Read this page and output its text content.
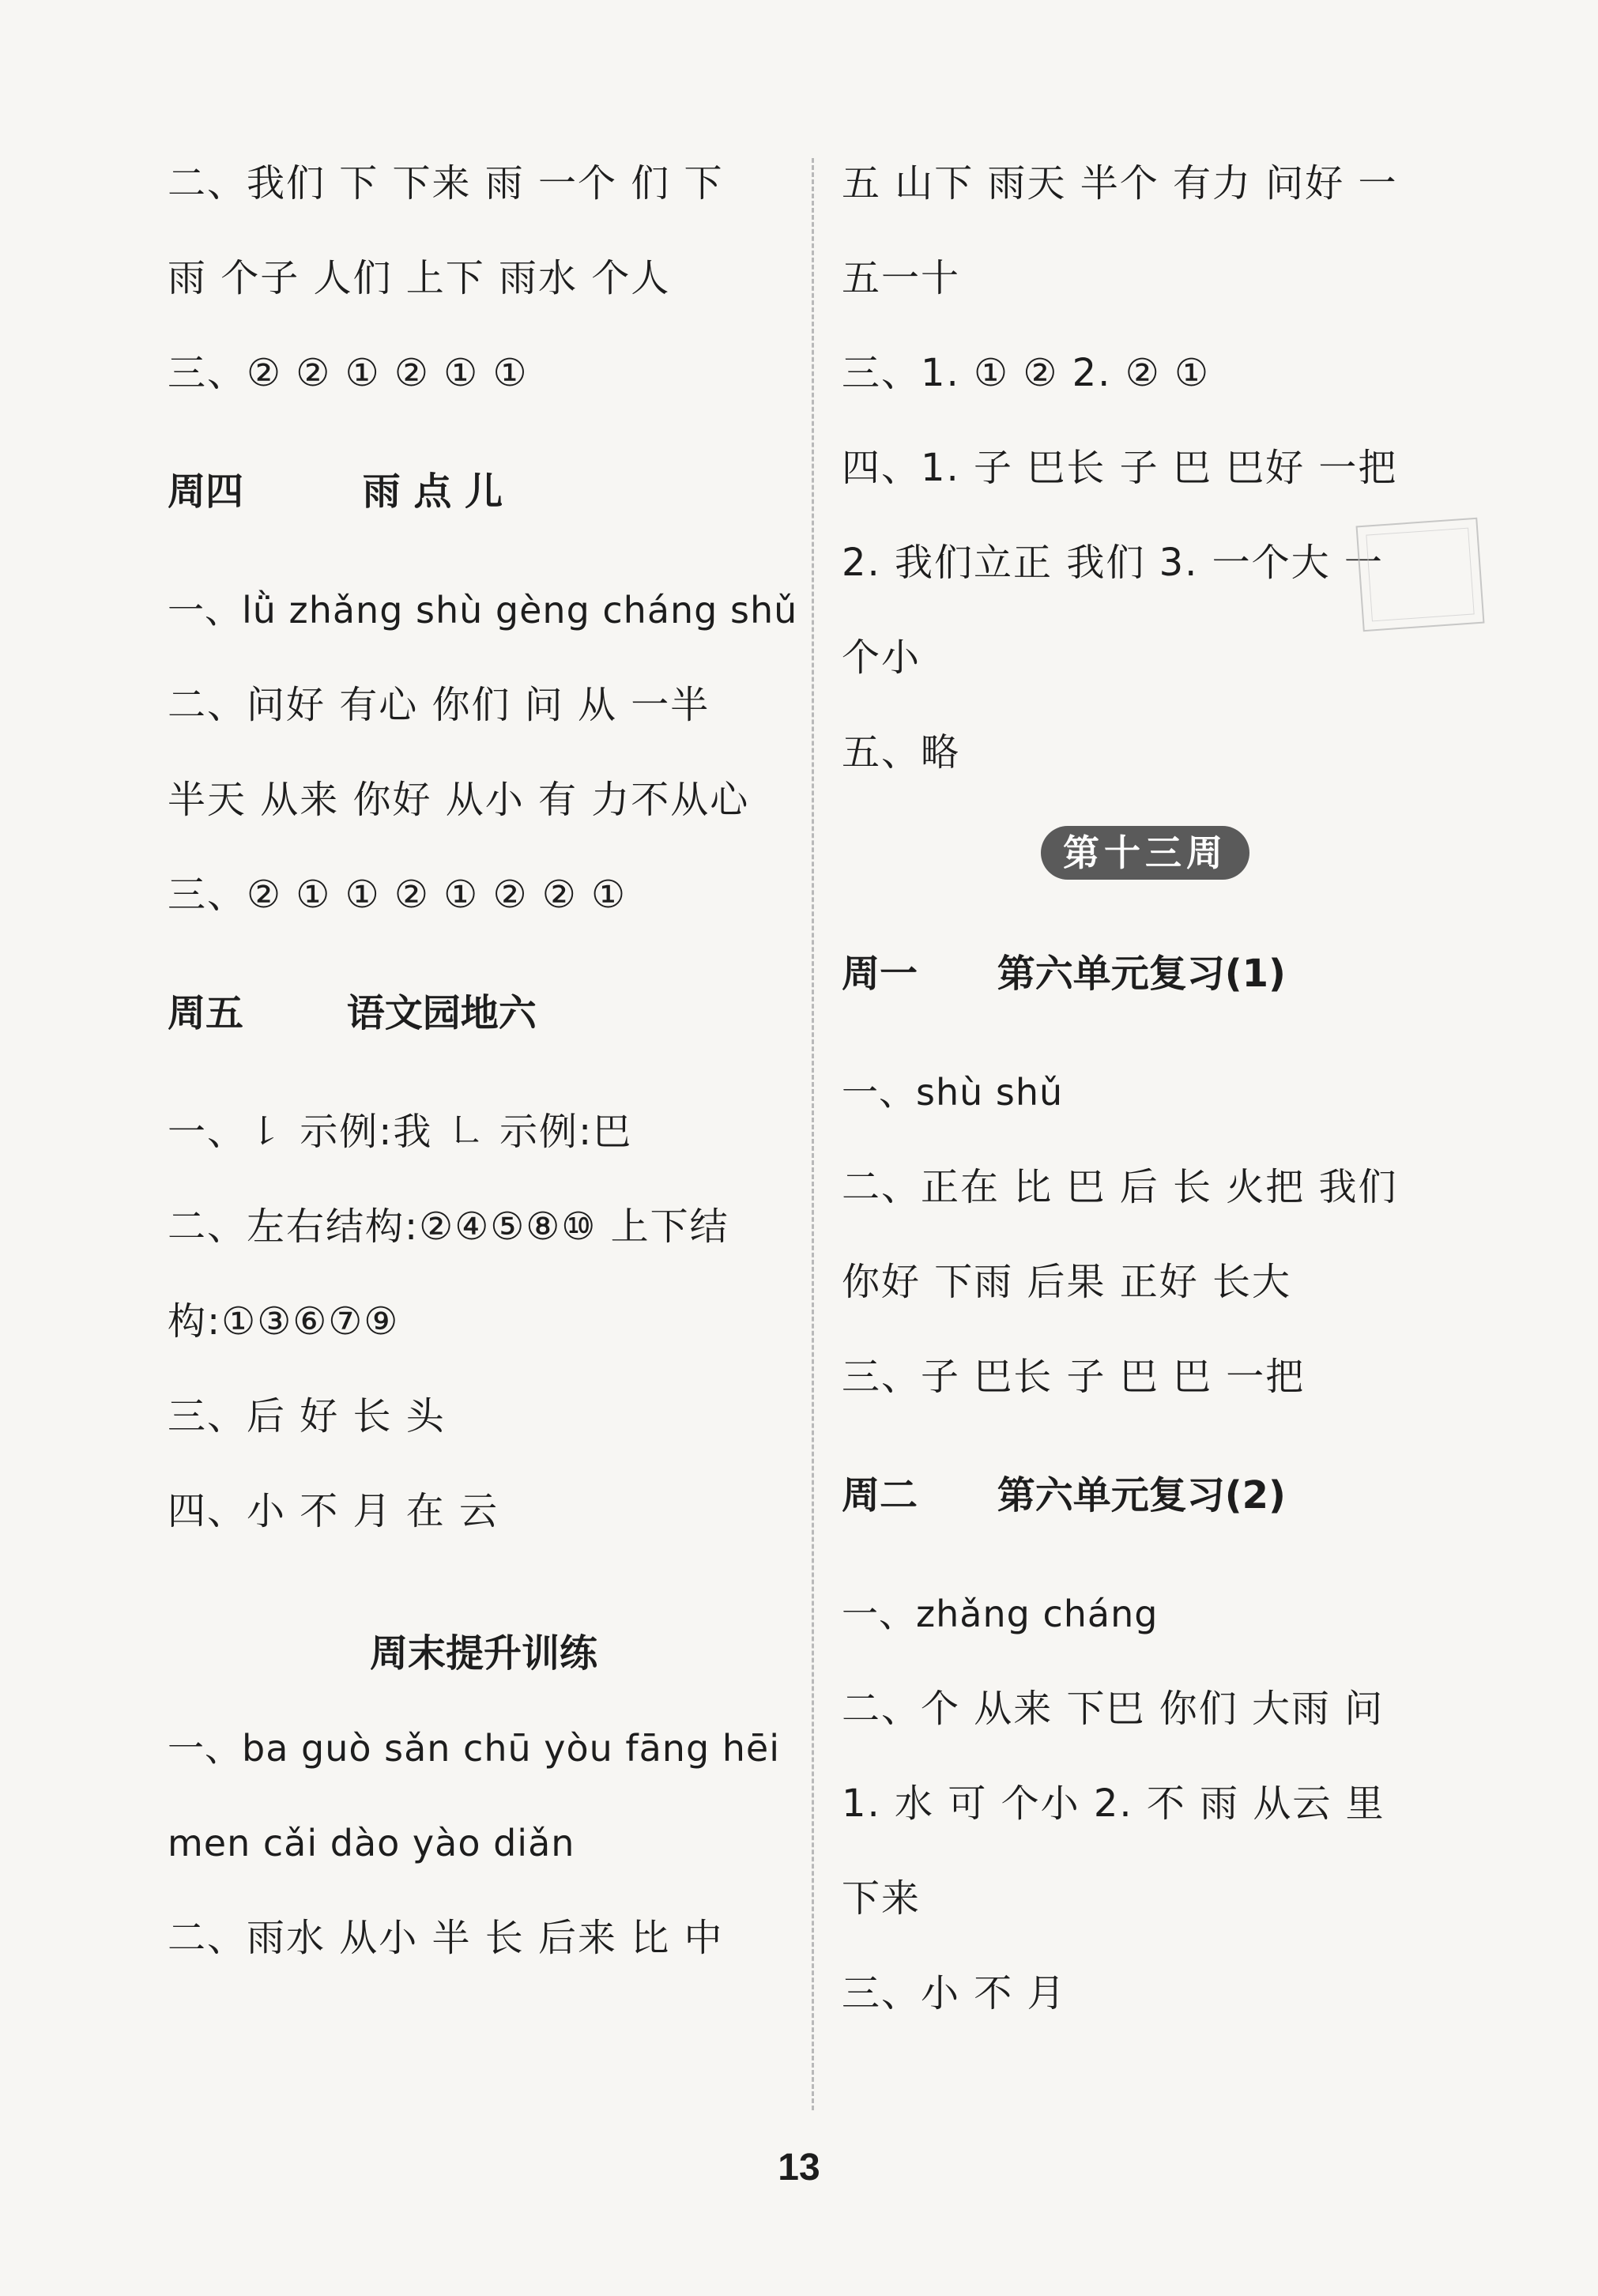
二、我们 下 下来 雨 一个 们 下
雨 个子 人们 上下 雨水 个人
三、② ② ① ② ① ①
周四	雨 点 儿
一、lǜ zhǎng shù gèng cháng shǔ
二、问好 有心 你们 问 从 一半
半天 从来 你好 从小 有 力不从心
三、② ① ① ② ① ② ② ①
周五	语文园地六
一、㇙ 示例:我 ㇗ 示例:巴
二、左右结构:②④⑤⑧⑩ 上下结
构:①③⑥⑦⑨
三、后 好 长 头
四、小 不 月 在 云
周末提升训练
一、ba guò sǎn chū yòu fāng hēi
men cǎi dào yào diǎn
二、雨水 从小 半 长 后来 比 中
五 山下 雨天 半个 有力 问好 一
五一十
三、1. ① ② 2. ② ①
四、1. 子 巴长 子 巴 巴好 一把
2. 我们立正 我们 3. 一个大 一
个小
五、略
第十三周
周一 第六单元复习(1)
一、shù shǔ
二、正在 比 巴 后 长 火把 我们
你好 下雨 后果 正好 长大
三、子 巴长 子 巴 巴 一把
周二 第六单元复习(2)
一、zhǎng cháng
二、个 从来 下巴 你们 大雨 问
1. 水 可 个小 2. 不 雨 从云 里
下来
三、小 不 月
13
